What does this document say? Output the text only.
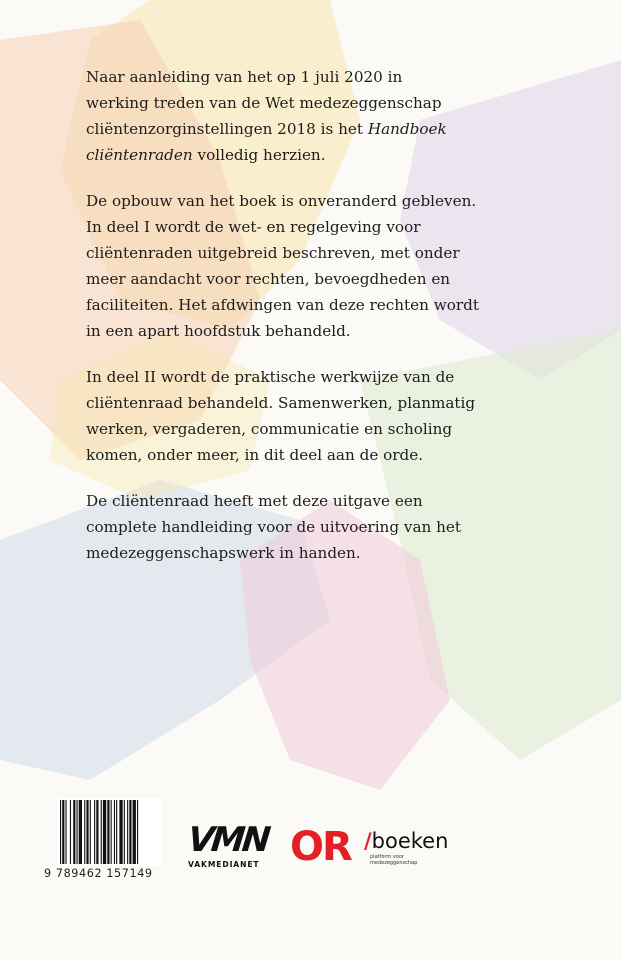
Naar aanleiding van het op 1 juli 2020 in
werking treden van de Wet medezeggenschap
cliëntenzorginstellingen 2018 is het Handboek
cliëntenraden volledig herzien.

De opbouw van het boek is onveranderd gebleven.
In deel I wordt de wet- en regelgeving voor
cliëntenraden uitgebreid beschreven, met onder
meer aandacht voor rechten, bevoegdheden en
faciliteiten. Het afdwingen van deze rechten wordt
in een apart hoofdstuk behandeld.

In deel II wordt de praktische werkwijze van de
cliëntenraad behandeld. Samenwerken, planmatig
werken, vergaderen, communicatie en scholing
komen, onder meer, in dit deel aan de orde.

De cliëntenraad heeft met deze uitgave een
complete handleiding voor de uitvoering van het
medezeggenschapswerk in handen.

9 789462 157149
VMN
VAKMEDIANET OR /boeken
platform voor
medezeggenschap
